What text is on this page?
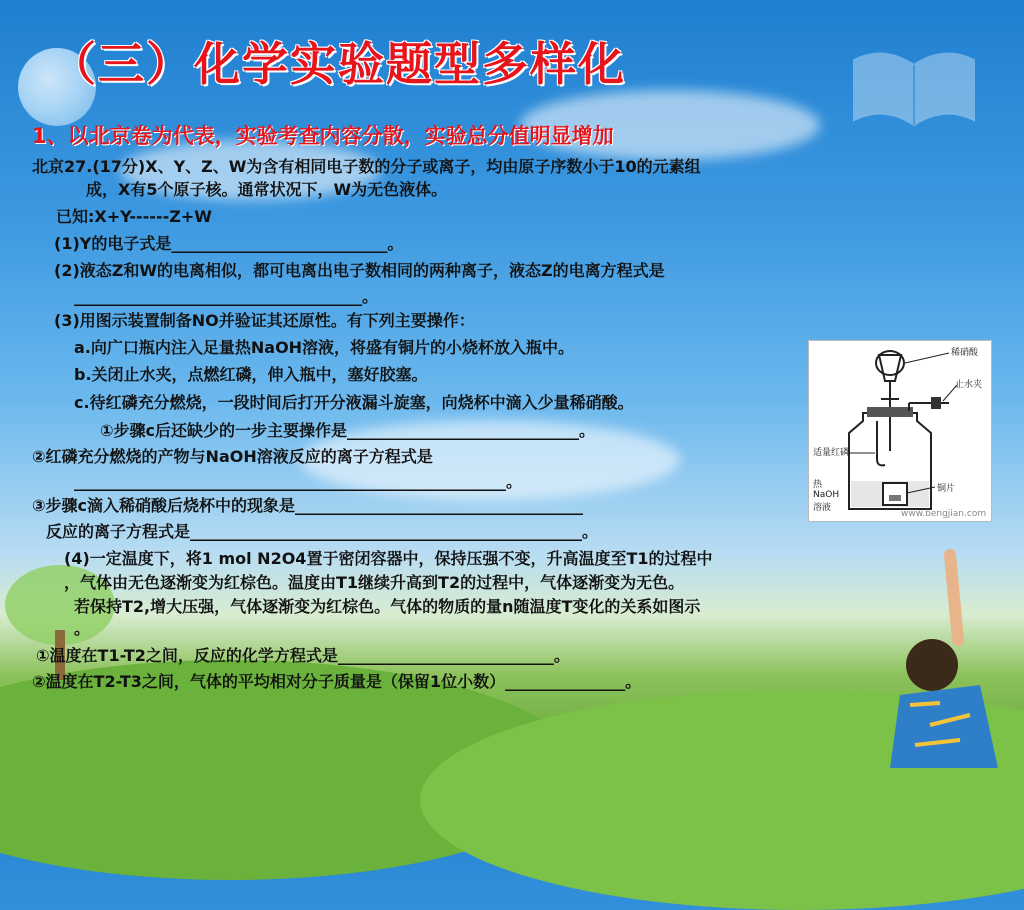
（三）化学实验题型多样化
1、以北京卷为代表，实验考查内容分散，实验总分值明显增加
北京27.(17分)X、Y、Z、W为含有相同电子数的分子或离子，均由原子序数小于10的元素组
成，X有5个原子核。通常状况下，W为无色液体。
已知:X+Y------Z+W
(1)Y的电子式是___________________________。
(2)液态Z和W的电离相似，都可电离出电子数相同的两种离子，液态Z的电离方程式是
____________________________________。
(3)用图示装置制备NO并验证其还原性。有下列主要操作：
a.向广口瓶内注入足量热NaOH溶液，将盛有铜片的小烧杯放入瓶中。
b.关闭止水夹，点燃红磷，伸入瓶中，塞好胶塞。
c.待红磷充分燃烧，一段时间后打开分液漏斗旋塞，向烧杯中滴入少量稀硝酸。
①步骤c后还缺少的一步主要操作是_____________________________。
②红磷充分燃烧的产物与NaOH溶液反应的离子方程式是
______________________________________________________。
③步骤c滴入稀硝酸后烧杯中的现象是____________________________________
反应的离子方程式是_________________________________________________。
(4)一定温度下，将1 mol N2O4置于密闭容器中，保持压强不变，升高温度至T1的过程中
，气体由无色逐渐变为红棕色。温度由T1继续升高到T2的过程中，气体逐渐变为无色。
若保持T2,增大压强，气体逐渐变为红棕色。气体的物质的量n随温度T变化的关系如图示
。
①温度在T1-T2之间，反应的化学方程式是___________________________。
②温度在T2-T3之间，气体的平均相对分子质量是（保留1位小数）_______________。
稀硝酸
止水夹
适量红磷
热 NaOH 溶液
铜片
www.bengjian.com
